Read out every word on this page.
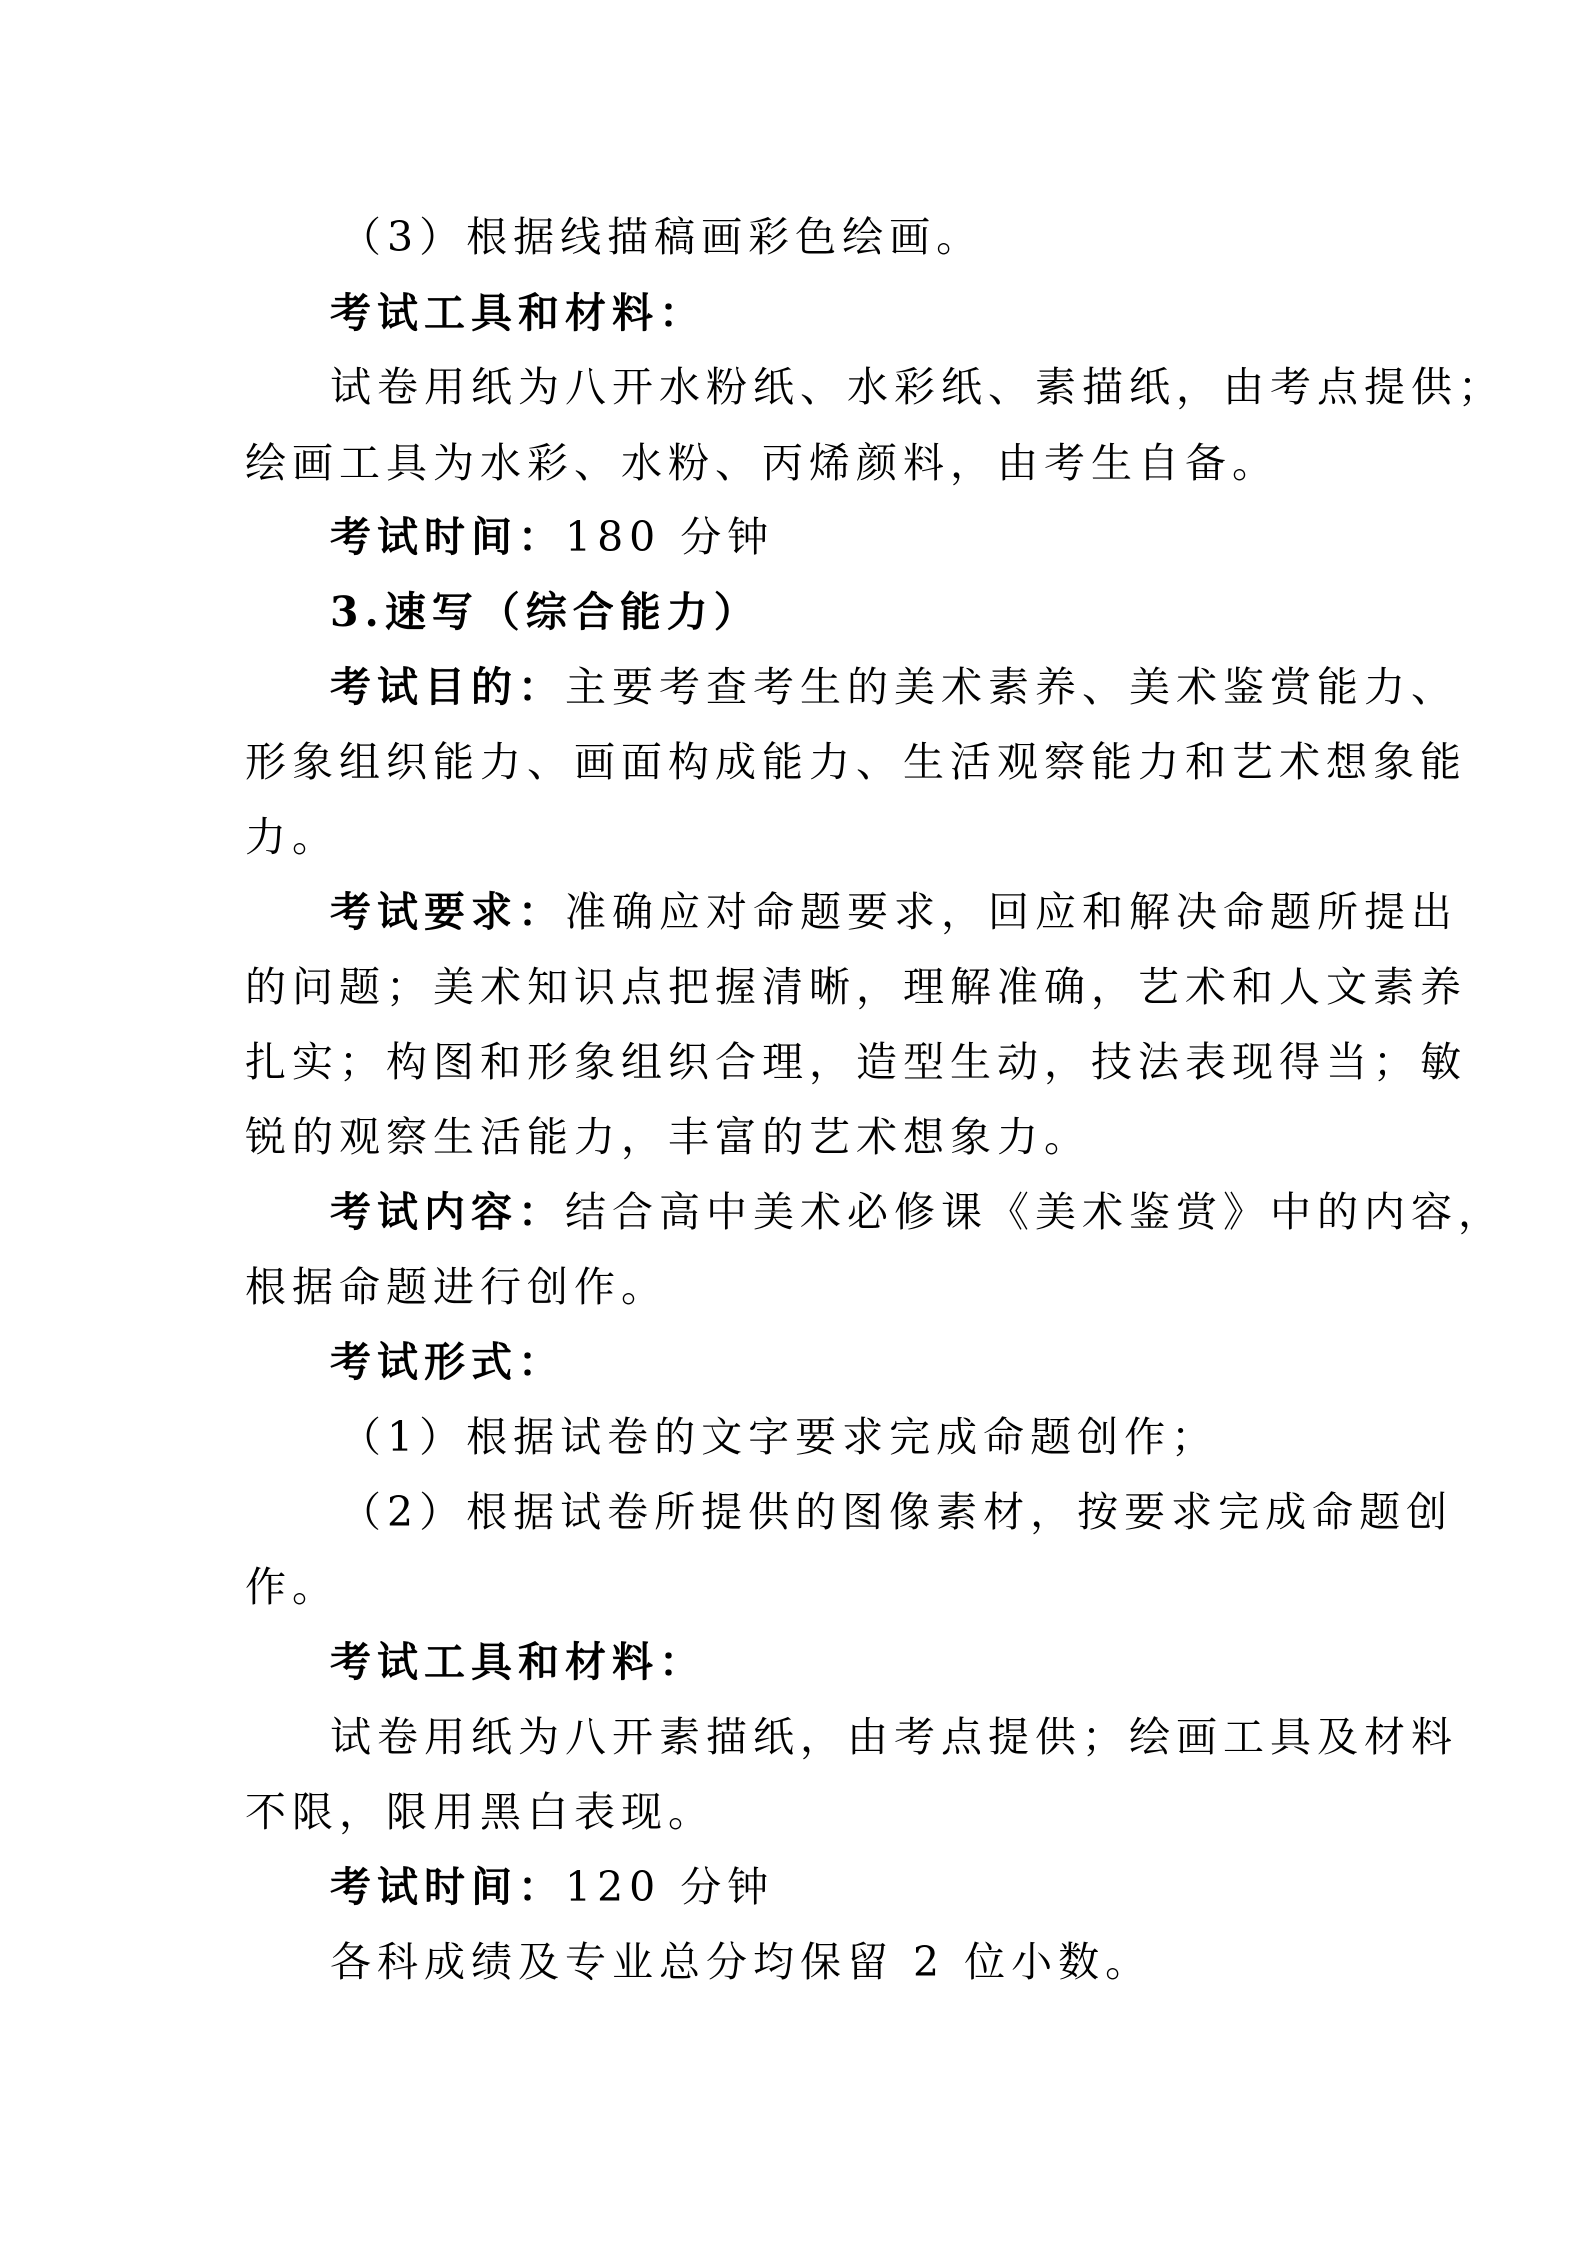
（3）根据线描稿画彩色绘画。
考试工具和材料：
试卷用纸为八开水粉纸、水彩纸、素描纸，由考点提供；
绘画工具为水彩、水粉、丙烯颜料，由考生自备。
考试时间：180 分钟
3.速写（综合能力）
考试目的：主要考查考生的美术素养、美术鉴赏能力、
形象组织能力、画面构成能力、生活观察能力和艺术想象能
力。
考试要求：准确应对命题要求，回应和解决命题所提出
的问题；美术知识点把握清晰，理解准确，艺术和人文素养
扎实；构图和形象组织合理，造型生动，技法表现得当；敏
锐的观察生活能力，丰富的艺术想象力。
考试内容：结合高中美术必修课《美术鉴赏》中的内容，
根据命题进行创作。
考试形式：
（1）根据试卷的文字要求完成命题创作；
（2）根据试卷所提供的图像素材，按要求完成命题创
作。
考试工具和材料：
试卷用纸为八开素描纸，由考点提供；绘画工具及材料
不限，限用黑白表现。
考试时间：120 分钟
各科成绩及专业总分均保留 2 位小数。
